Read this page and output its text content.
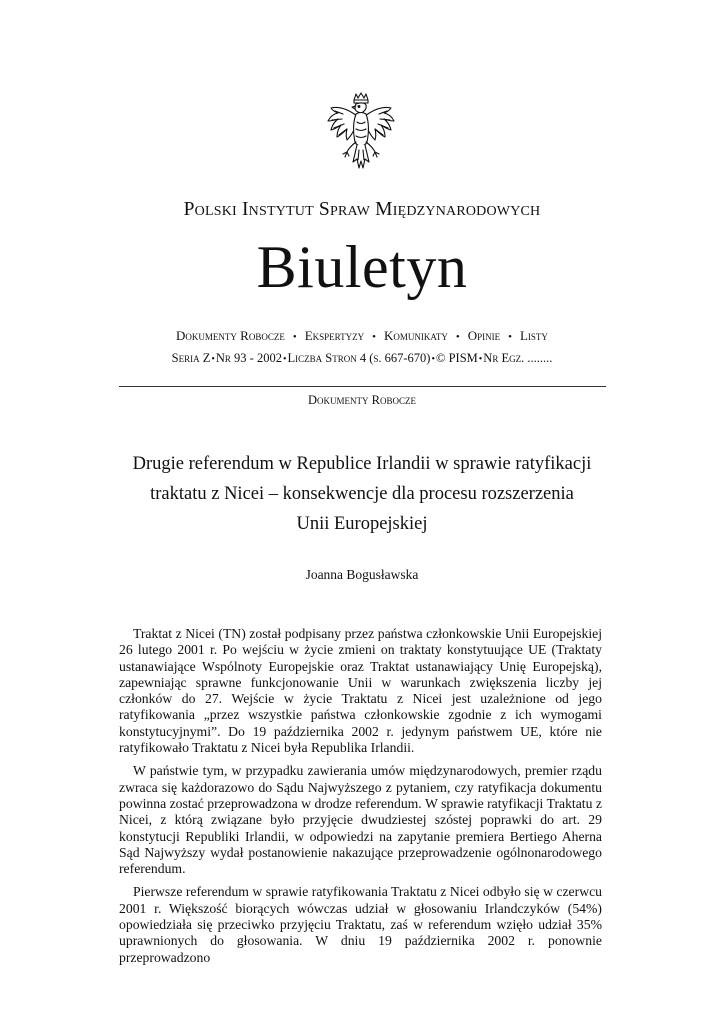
Polski Instytut Spraw Międzynarodowych
Biuletyn
Dokumenty Robocze • Ekspertyzy • Komunikaty • Opinie • Listy
Seria Z•Nr 93 - 2002•Liczba Stron 4 (s. 667-670)•© PISM•Nr Egz. ........
Dokumenty Robocze
Drugie referendum w Republice Irlandii w sprawie ratyfikacji
traktatu z Nicei – konsekwencje dla procesu rozszerzenia
Unii Europejskiej
Joanna Bogusławska

Traktat z Nicei (TN) został podpisany przez państwa członkowskie Unii Europejskiej 26 lutego 2001 r. Po wejściu w życie zmieni on traktaty konstytuujące UE (Traktaty ustanawiające Wspólnoty Europejskie oraz Traktat ustanawiający Unię Europejską), zapewniając sprawne funkcjonowanie Unii w warunkach zwiększenia liczby jej członków do 27. Wejście w życie Traktatu z Nicei jest uzależnione od jego ratyfikowania „przez wszystkie państwa członkowskie zgodnie z ich wymogami konstytucyjnymi”. Do 19 października 2002 r. jedynym państwem UE, które nie ratyfikowało Traktatu z Nicei była Republika Irlandii.

W państwie tym, w przypadku zawierania umów międzynarodowych, premier rządu zwraca się każdorazowo do Sądu Najwyższego z pytaniem, czy ratyfikacja dokumentu powinna zostać przeprowadzona w drodze referendum. W sprawie ratyfikacji Traktatu z Nicei, z którą związane było przyjęcie dwudziestej szóstej poprawki do art. 29 konstytucji Republiki Irlandii, w odpowiedzi na zapytanie premiera Bertiego Aherna Sąd Najwyższy wydał postanowienie nakazujące przeprowadzenie ogólnonarodowego referendum.

Pierwsze referendum w sprawie ratyfikowania Traktatu z Nicei odbyło się w czerwcu 2001 r. Większość biorących wówczas udział w głosowaniu Irlandczyków (54%) opowiedziała się przeciwko przyjęciu Traktatu, zaś w referendum wzięło udział 35% uprawnionych do głosowania. W dniu 19 października 2002 r. ponownie przeprowadzono
